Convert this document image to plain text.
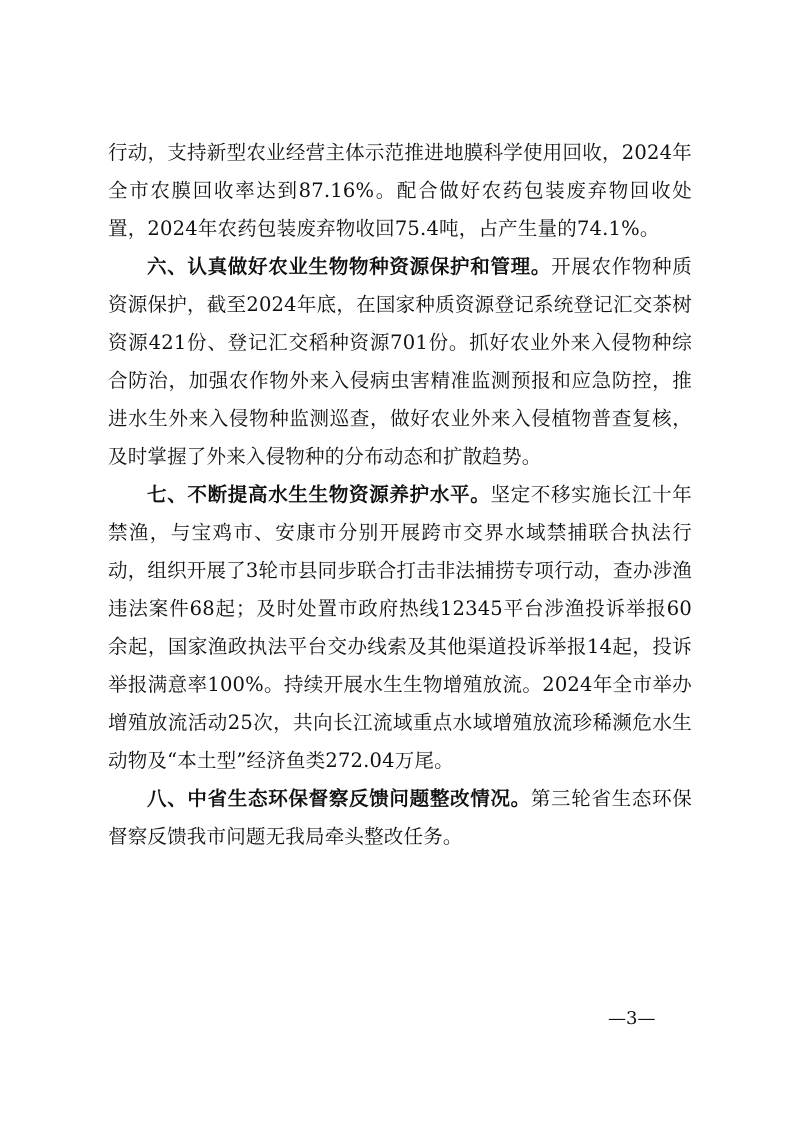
行动，支持新型农业经营主体示范推进地膜科学使用回收，2024年全市农膜回收率达到87.16%。配合做好农药包装废弃物回收处置，2024年农药包装废弃物收回75.4吨，占产生量的74.1%。

六、认真做好农业生物物种资源保护和管理。开展农作物种质资源保护，截至2024年底，在国家种质资源登记系统登记汇交茶树资源421份、登记汇交稻种资源701份。抓好农业外来入侵物种综合防治，加强农作物外来入侵病虫害精准监测预报和应急防控，推进水生外来入侵物种监测巡查，做好农业外来入侵植物普查复核，及时掌握了外来入侵物种的分布动态和扩散趋势。

七、不断提高水生生物资源养护水平。坚定不移实施长江十年禁渔，与宝鸡市、安康市分别开展跨市交界水域禁捕联合执法行动，组织开展了3轮市县同步联合打击非法捕捞专项行动，查办涉渔违法案件68起；及时处置市政府热线12345平台涉渔投诉举报60余起，国家渔政执法平台交办线索及其他渠道投诉举报14起，投诉举报满意率100%。持续开展水生生物增殖放流。2024年全市举办增殖放流活动25次，共向长江流域重点水域增殖放流珍稀濒危水生动物及“本土型”经济鱼类272.04万尾。

八、中省生态环保督察反馈问题整改情况。第三轮省生态环保督察反馈我市问题无我局牵头整改任务。

—3—
